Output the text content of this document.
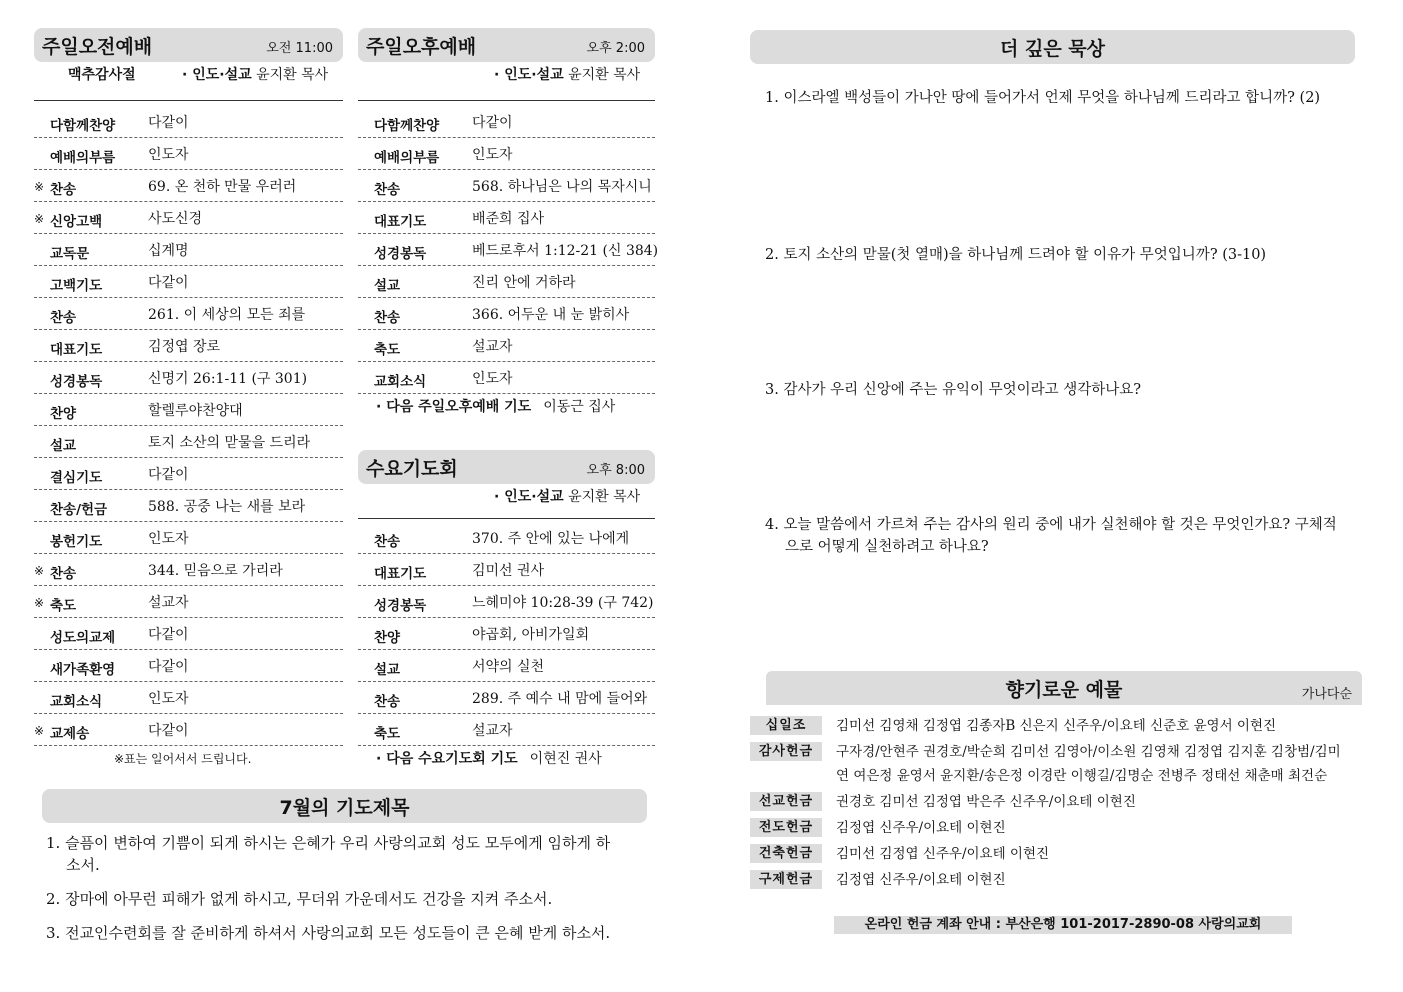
주일오전예배	오전 11:00
맥추감사절	· 인도·설교 윤지환 목사
다함께찬양	다같이
예배의부름	인도자
※ 찬송	69. 온 천하 만물 우러러
※ 신앙고백	사도신경
교독문	십계명
고백기도	다같이
찬송	261. 이 세상의 모든 죄를
대표기도	김정엽 장로
성경봉독	신명기 26:1-11 (구 301)
찬양	할렐루야찬양대
설교	토지 소산의 맏물을 드리라
결심기도	다같이
찬송/헌금	588. 공중 나는 새를 보라
봉헌기도	인도자
※ 찬송	344. 믿음으로 가리라
※ 축도	설교자
성도의교제	다같이
새가족환영	다같이
교회소식	인도자
※ 교제송	다같이
※표는 일어서서 드립니다.
주일오후예배	오후 2:00
· 인도·설교 윤지환 목사
다함께찬양	다같이
예배의부름	인도자
찬송	568. 하나님은 나의 목자시니
대표기도	배준희 집사
성경봉독	베드로후서 1:12-21 (신 384)
설교	진리 안에 거하라
찬송	366. 어두운 내 눈 밝히사
축도	설교자
교회소식	인도자
· 다음 주일오후예배 기도 이동근 집사
수요기도회	오후 8:00
· 인도·설교 윤지환 목사
찬송	370. 주 안에 있는 나에게
대표기도	김미선 권사
성경봉독	느헤미야 10:28-39 (구 742)
찬양	야곱회, 아비가일회
설교	서약의 실천
찬송	289. 주 예수 내 맘에 들어와
축도	설교자
· 다음 수요기도회 기도 이현진 권사
7월의 기도제목

1. 슬픔이 변하여 기쁨이 되게 하시는 은혜가 우리 사랑의교회 성도 모두에게 임하게 하소서.

2. 장마에 아무런 피해가 없게 하시고, 무더위 가운데서도 건강을 지켜 주소서.

3. 전교인수련회를 잘 준비하게 하셔서 사랑의교회 모든 성도들이 큰 은혜 받게 하소서.

더 깊은 묵상
1. 이스라엘 백성들이 가나안 땅에 들어가서 언제 무엇을 하나님께 드리라고 합니까? (2)
2. 토지 소산의 맏물(첫 열매)을 하나님께 드려야 할 이유가 무엇입니까? (3-10)
3. 감사가 우리 신앙에 주는 유익이 무엇이라고 생각하나요?
4. 오늘 말씀에서 가르쳐 주는 감사의 원리 중에 내가 실천해야 할 것은 무엇인가요? 구체적으로 어떻게 실천하려고 하나요?
향기로운 예물	가나다순
십일조	김미선 김영채 김정엽 김종자B 신은지 신주우/이요테 신준호 윤영서 이현진
감사헌금	구자경/안현주 권경호/박순희 김미선 김영아/이소원 김영채 김정엽 김지훈 김창범/김미연 여은정 윤영서 윤지환/송은정 이경란 이행길/김명순 전병주 정태선 채춘매 최건순
선교헌금	권경호 김미선 김정엽 박은주 신주우/이요테 이현진
전도헌금	김정엽 신주우/이요테 이현진
건축헌금	김미선 김정엽 신주우/이요테 이현진
구제헌금	김정엽 신주우/이요테 이현진
온라인 헌금 계좌 안내 : 부산은행 101-2017-2890-08 사랑의교회
